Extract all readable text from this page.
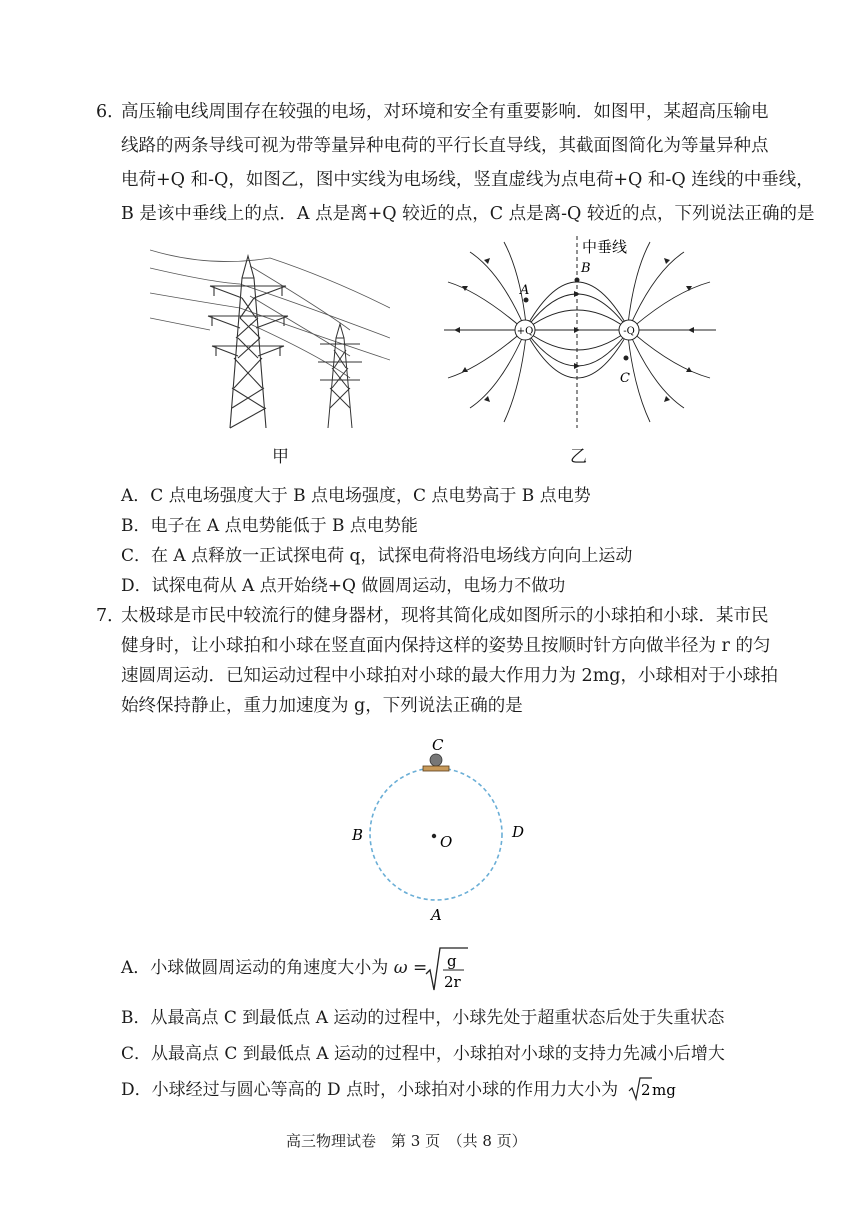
6．
高压输电线周围存在较强的电场，对环境和安全有重要影响．如图甲，某超高压输电
线路的两条导线可视为带等量异种电荷的平行长直导线，其截面图简化为等量异种点
电荷+Q 和-Q，如图乙，图中实线为电场线，竖直虚线为点电荷+Q 和-Q 连线的中垂线，
B 是该中垂线上的点．A 点是离+Q 较近的点，C 点是离-Q 较近的点，下列说法正确的是
甲
+Q	-Q
B
A
C
中垂线
乙
A．C 点电场强度大于 B 点电场强度，C 点电势高于 B 点电势
B．电子在 A 点电势能低于 B 点电势能
C．在 A 点释放一正试探电荷 q，试探电荷将沿电场线方向向上运动
D．试探电荷从 A 点开始绕+Q 做圆周运动，电场力不做功
7．
太极球是市民中较流行的健身器材，现将其简化成如图所示的小球拍和小球．某市民
健身时，让小球拍和小球在竖直面内保持这样的姿势且按顺时针方向做半径为 r 的匀
速圆周运动．已知运动过程中小球拍对小球的最大作用力为 2mg，小球相对于小球拍
始终保持静止，重力加速度为 g，下列说法正确的是
C
B	D
A
O
A．小球做圆周运动的角速度大小为 ω = g
2r
B．从最高点 C 到最低点 A 运动的过程中，小球先处于超重状态后处于失重状态
C．从最高点 C 到最低点 A 运动的过程中，小球拍对小球的支持力先减小后增大
D．小球经过与圆心等高的 D 点时，小球拍对小球的作用力大小为 2 mg
高三物理试卷　第 3 页　（共 8 页）
